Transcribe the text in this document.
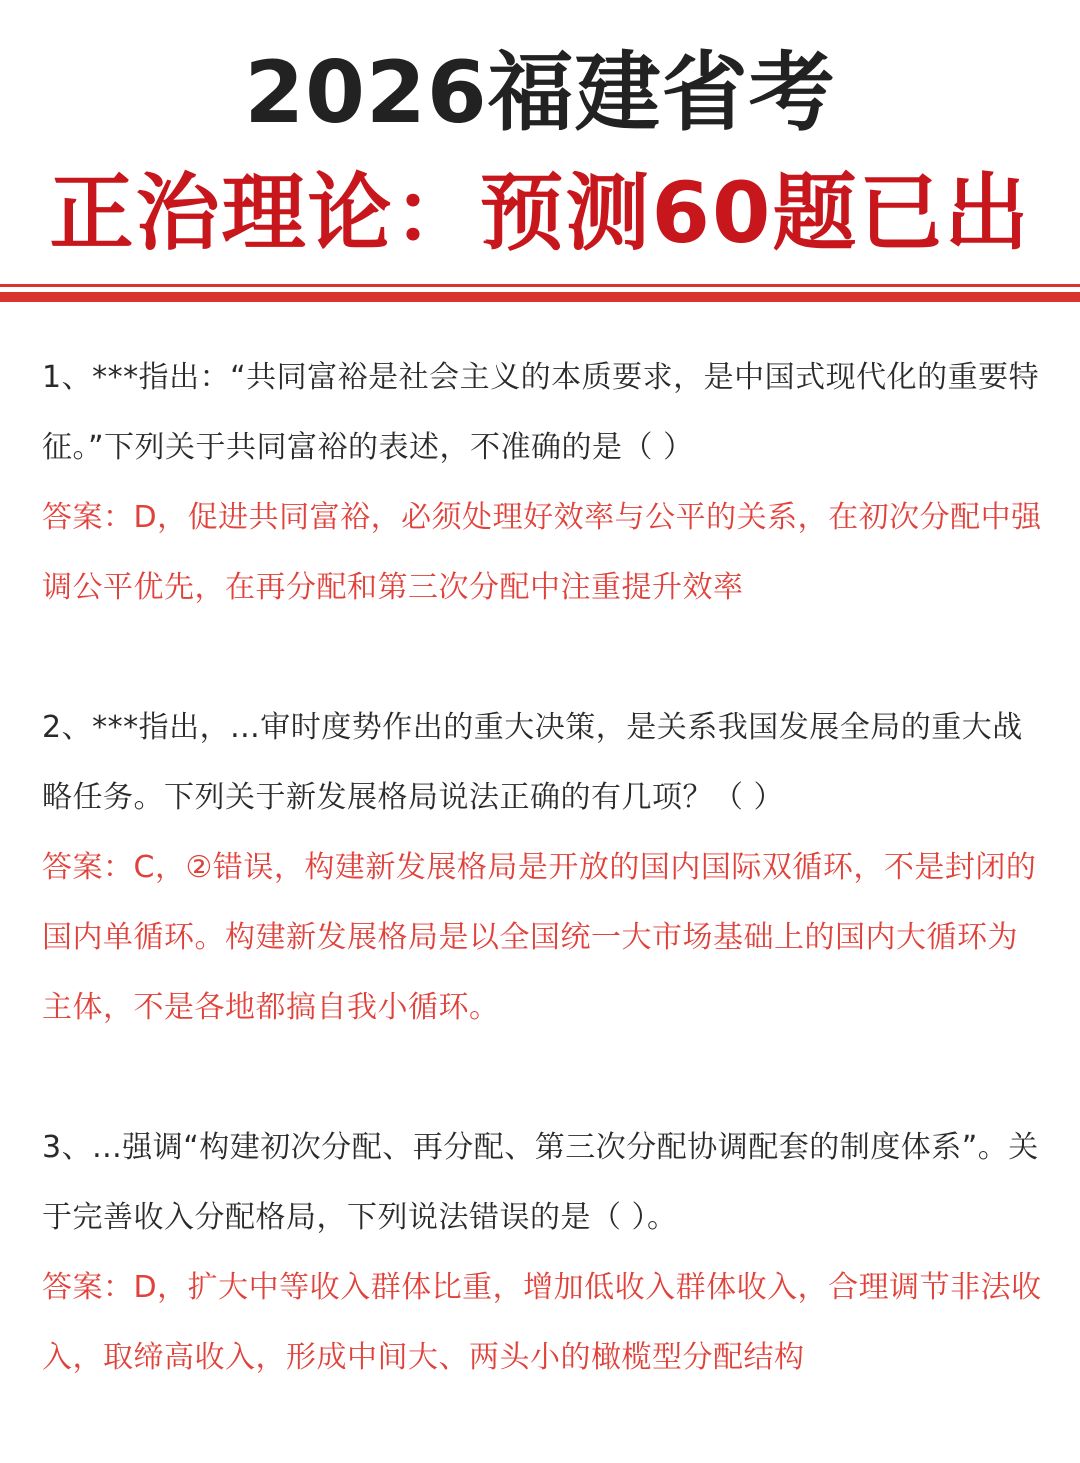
2026福建省考
正治理论：预测60题已出

1、***指出：“共同富裕是社会主义的本质要求，是中国式现代化的重要特征。”下列关于共同富裕的表述，不准确的是（ ）

答案：D，促进共同富裕，必须处理好效率与公平的关系，在初次分配中强调公平优先，在再分配和第三次分配中注重提升效率

2、***指出，...审时度势作出的重大决策，是关系我国发展全局的重大战略任务。下列关于新发展格局说法正确的有几项？（ ）

答案：C，②错误，构建新发展格局是开放的国内国际双循环，不是封闭的国内单循环。构建新发展格局是以全国统一大市场基础上的国内大循环为主体，不是各地都搞自我小循环。

3、...强调“构建初次分配、再分配、第三次分配协调配套的制度体系”。关于完善收入分配格局，下列说法错误的是（ ）。

答案：D，扩大中等收入群体比重，增加低收入群体收入，合理调节非法收入，取缔高收入，形成中间大、两头小的橄榄型分配结构
